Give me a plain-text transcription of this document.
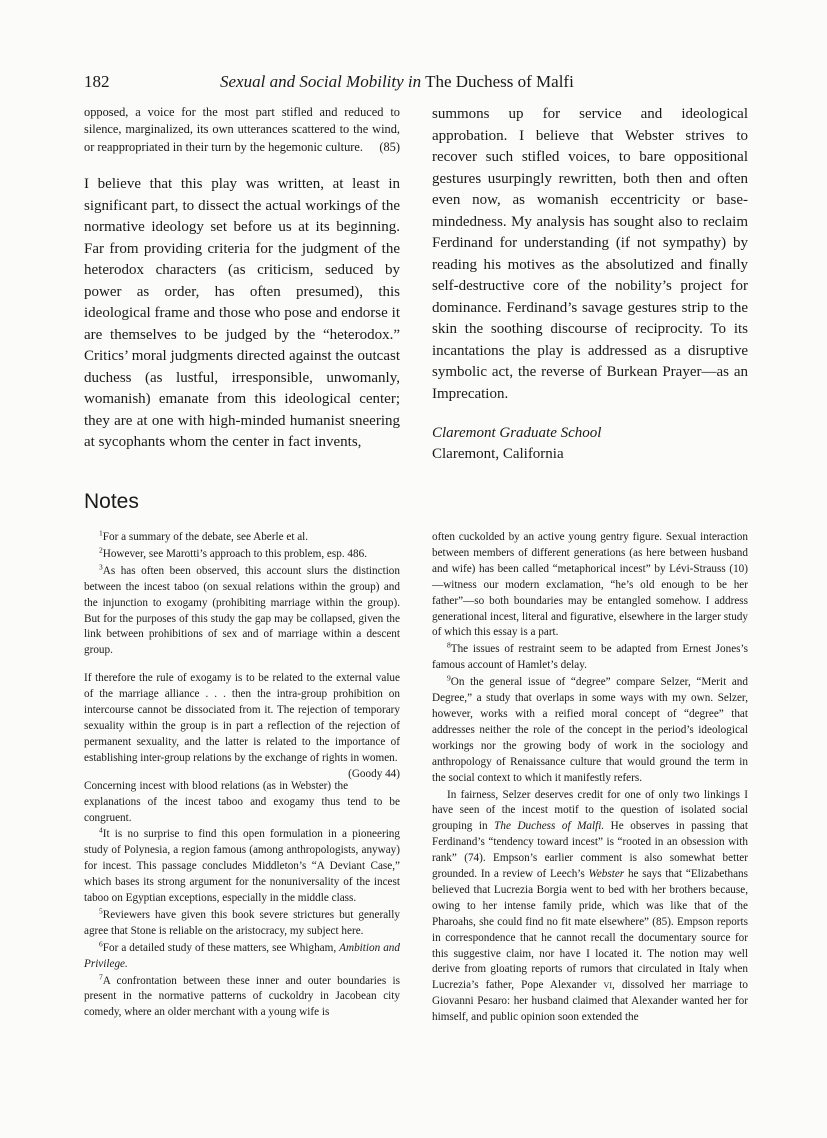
182	Sexual and Social Mobility in The Duchess of Malfi

opposed, a voice for the most part stifled and reduced to silence, marginalized, its own utterances scattered to the wind, or reappropriated in their turn by the hegemonic culture. (85)

I believe that this play was written, at least in significant part, to dissect the actual workings of the normative ideology set before us at its beginning. Far from providing criteria for the judgment of the heterodox characters (as criticism, seduced by power as order, has often presumed), this ideological frame and those who pose and endorse it are themselves to be judged by the “heterodox.” Critics’ moral judgments directed against the outcast duchess (as lustful, irresponsible, unwomanly, womanish) emanate from this ideological center; they are at one with high-minded humanist sneering at sycophants whom the center in fact invents,

summons up for service and ideological approbation. I believe that Webster strives to recover such stifled voices, to bare oppositional gestures usurpingly rewritten, both then and often even now, as womanish eccentricity or base-mindedness. My analysis has sought also to reclaim Ferdinand for understanding (if not sympathy) by reading his motives as the absolutized and finally self-destructive core of the nobility’s project for dominance. Ferdinand’s savage gestures strip to the skin the soothing discourse of reciprocity. To its incantations the play is addressed as a disruptive symbolic act, the reverse of Burkean Prayer—as an Imprecation.

Claremont Graduate School
Claremont, California
Notes

$^1$For a summary of the debate, see Aberle et al.

$^2$However, see Marotti’s approach to this problem, esp. 486.

$^3$As has often been observed, this account slurs the distinction between the incest taboo (on sexual relations within the group) and the injunction to exogamy (prohibiting marriage within the group). But for the purposes of this study the gap may be collapsed, given the link between prohibitions of sex and of marriage within a descent group.

If therefore the rule of exogamy is to be related to the external value of the marriage alliance . . . then the intra-group prohibition on intercourse cannot be dissociated from it. The rejection of temporary sexuality within the group is in part a reflection of the rejection of permanent sexuality, and the latter is related to the importance of establishing inter-group relations by the exchange of rights in women.
(Goody 44)

Concerning incest with blood relations (as in Webster) the explanations of the incest taboo and exogamy thus tend to be congruent.

$^4$It is no surprise to find this open formulation in a pioneering study of Polynesia, a region famous (among anthropologists, anyway) for incest. This passage concludes Middleton’s “A Deviant Case,” which bases its strong argument for the nonuniversality of the incest taboo on Egyptian exceptions, especially in the middle class.

$^5$Reviewers have given this book severe strictures but generally agree that Stone is reliable on the aristocracy, my subject here.

$^6$For a detailed study of these matters, see Whigham, Ambition and Privilege.

$^7$A confrontation between these inner and outer boundaries is present in the normative patterns of cuckoldry in Jacobean city comedy, where an older merchant with a young wife is

often cuckolded by an active young gentry figure. Sexual interaction between members of different generations (as here between husband and wife) has been called “metaphorical incest” by Lévi-Strauss (10)—witness our modern exclamation, “he’s old enough to be her father”—so both boundaries may be entangled somehow. I address generational incest, literal and figurative, elsewhere in the larger study of which this essay is a part.

$^8$The issues of restraint seem to be adapted from Ernest Jones’s famous account of Hamlet’s delay.

$^9$On the general issue of “degree” compare Selzer, “Merit and Degree,” a study that overlaps in some ways with my own. Selzer, however, works with a reified moral concept of “degree” that addresses neither the role of the concept in the period’s ideological workings nor the growing body of work in the sociology and anthropology of Renaissance culture that would ground the term in the social context to which it manifestly refers.

In fairness, Selzer deserves credit for one of only two linkings I have seen of the incest motif to the question of isolated social grouping in The Duchess of Malfi. He observes in passing that Ferdinand’s “tendency toward incest” is “rooted in an obsession with rank” (74). Empson’s earlier comment is also somewhat better grounded. In a review of Leech’s Webster he says that “Elizabethans believed that Lucrezia Borgia went to bed with her brothers because, owing to her intense family pride, which was like that of the Pharoahs, she could find no fit mate elsewhere” (85). Empson reports in correspondence that he cannot recall the documentary source for this suggestive claim, nor have I located it. The notion may well derive from gloating reports of rumors that circulated in Italy when Lucrezia’s father, Pope Alexander vi, dissolved her marriage to Giovanni Pesaro: her husband claimed that Alexander wanted her for himself, and public opinion soon extended the
